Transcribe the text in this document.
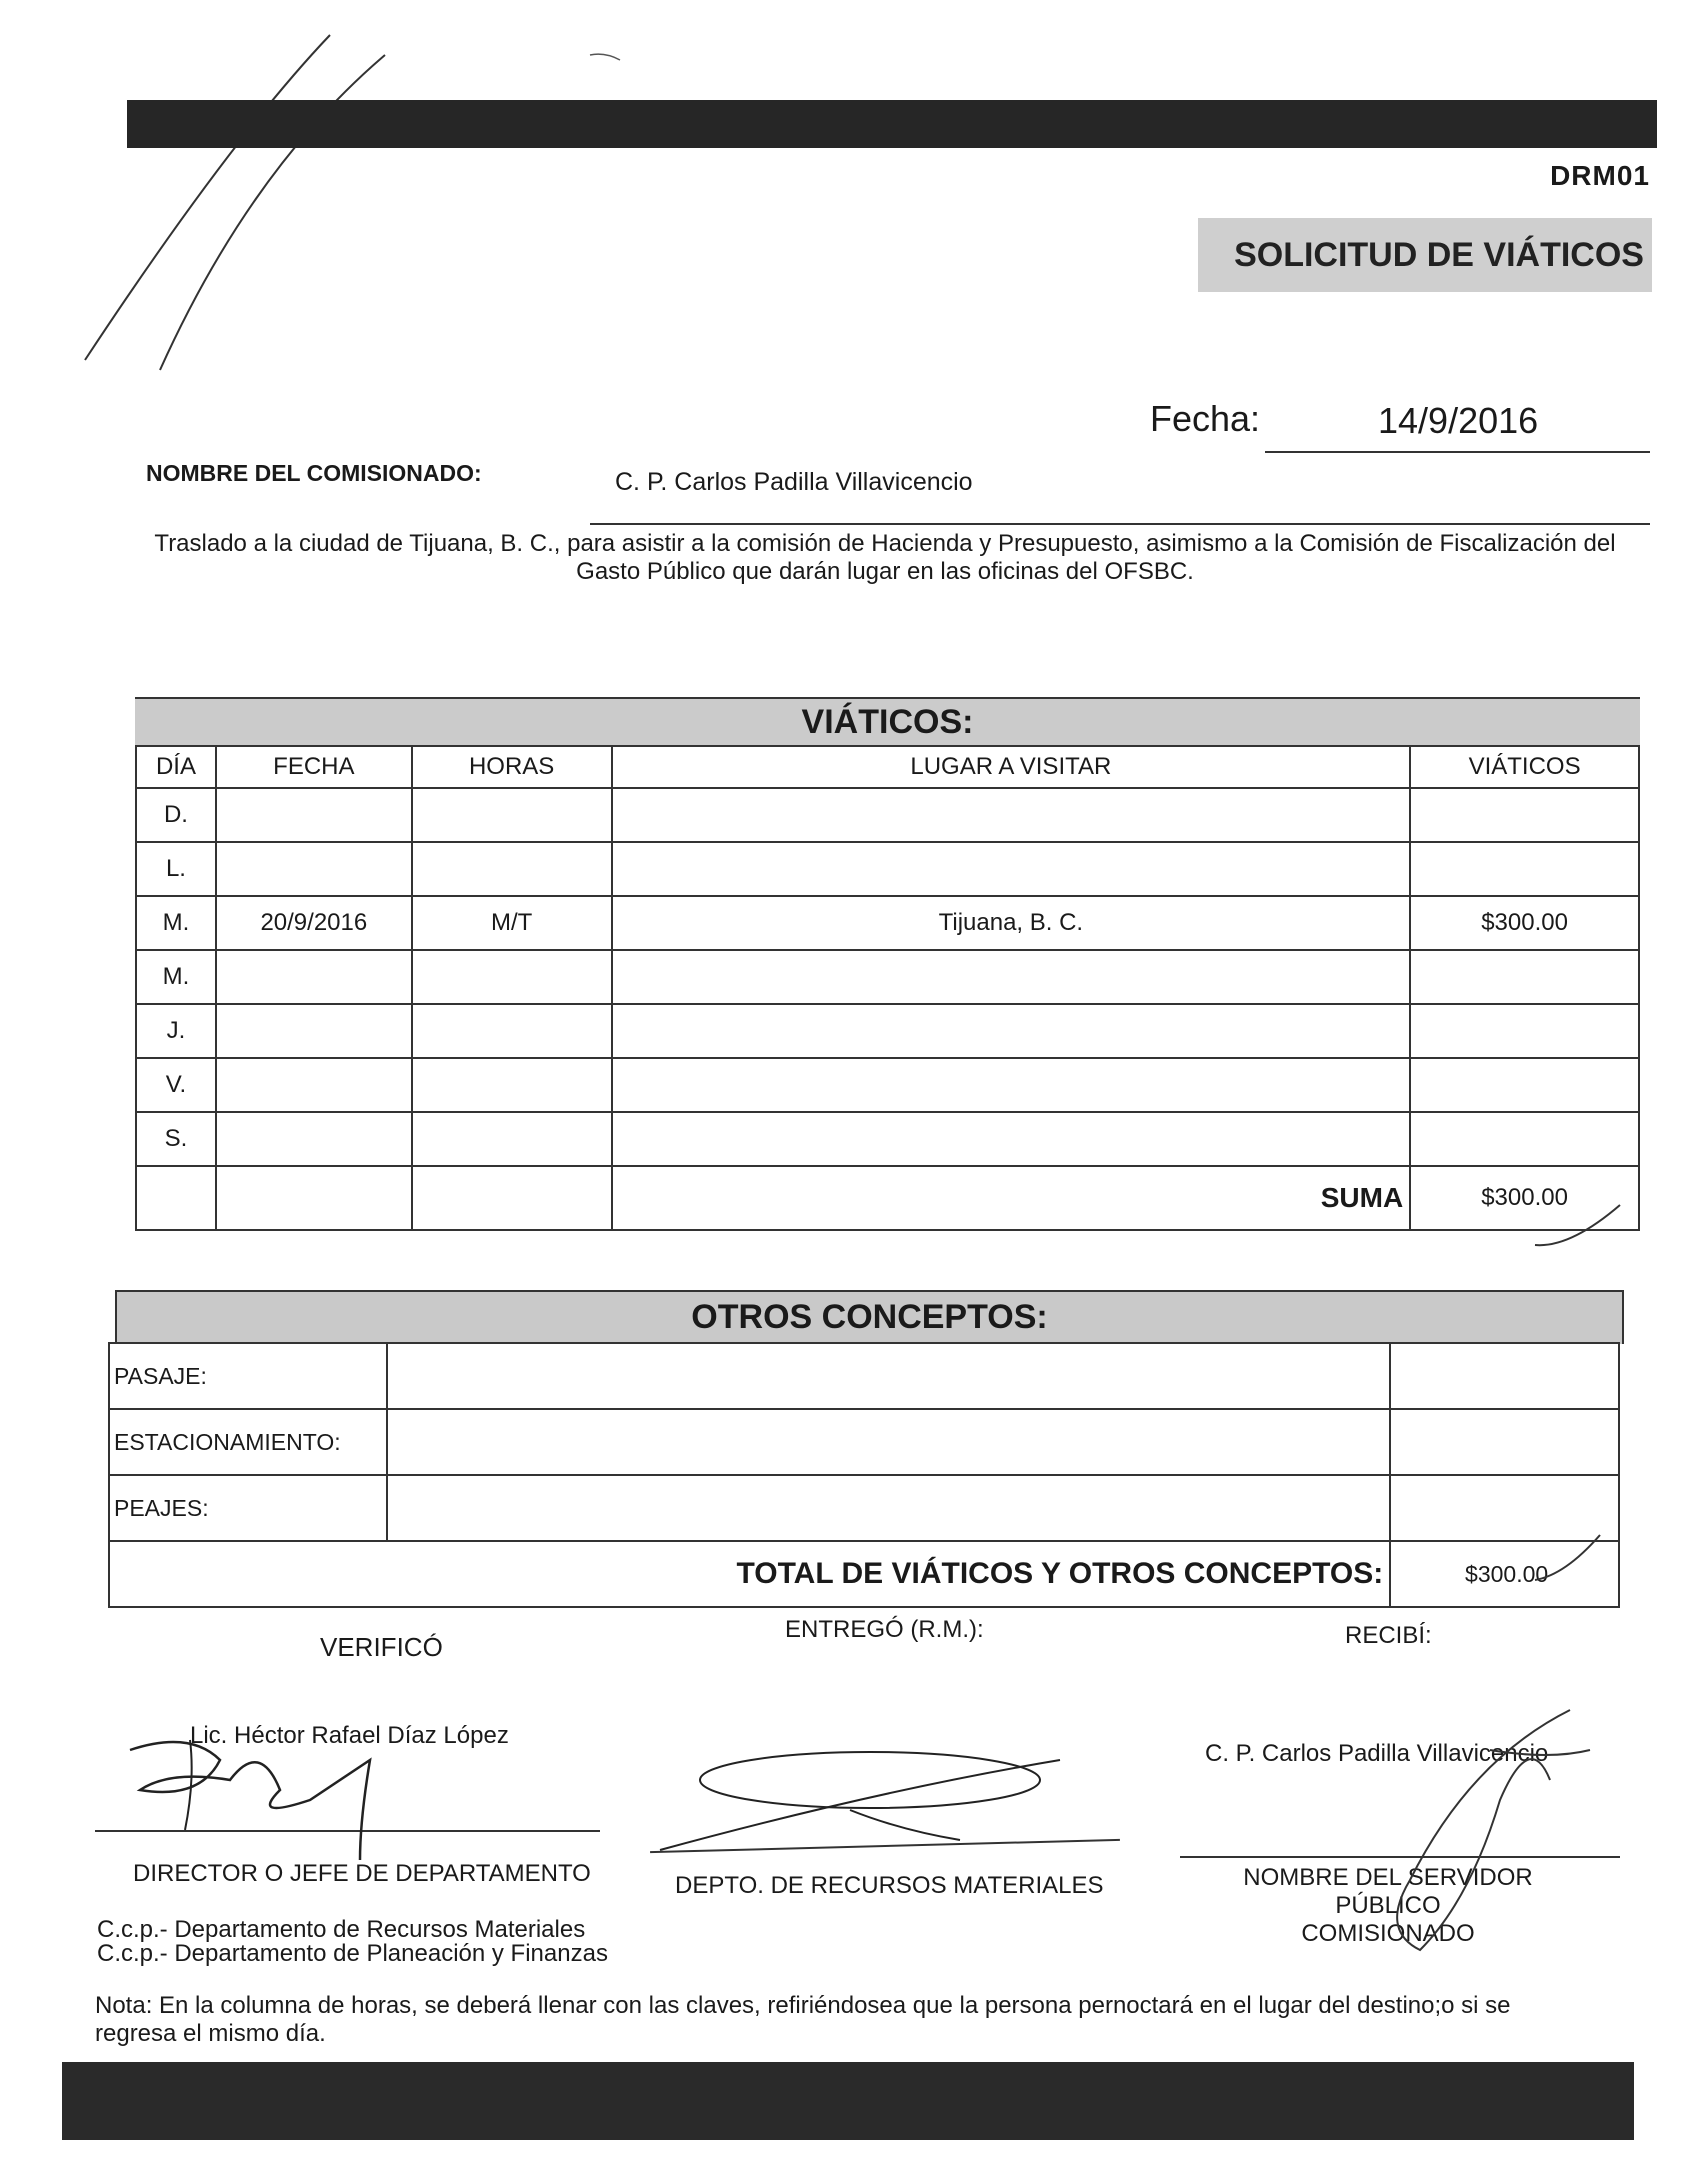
DRM01
SOLICITUD DE VIÁTICOS
Fecha:	14/9/2016
NOMBRE DEL COMISIONADO:	C. P. Carlos Padilla Villavicencio
Traslado a la ciudad de Tijuana, B. C., para asistir a la comisión de Hacienda y Presupuesto, asimismo a la Comisión de Fiscalización del
Gasto Público que darán lugar en las oficinas del OFSBC.
VIÁTICOS:
DÍA	FECHA	HORAS	LUGAR A VISITAR	VIÁTICOS
D.				
L.				
M.	20/9/2016	M/T	Tijuana, B. C.	$300.00
M.				
J.				
V.				
S.				
			SUMA	$300.00
OTROS CONCEPTOS:
PASAJE:		
ESTACIONAMIENTO:		
PEAJES:		
TOTAL DE VIÁTICOS Y OTROS CONCEPTOS:		$300.00
VERIFICÓ
ENTREGÓ (R.M.):	RECIBÍ:
Lic. Héctor Rafael Díaz López
C. P. Carlos Padilla Villavicencio
DIRECTOR O JEFE DE DEPARTAMENTO	DEPTO. DE RECURSOS MATERIALES	NOMBRE DEL SERVIDOR PÚBLICO
COMISIONADO
C.c.p.- Departamento de Recursos Materiales
C.c.p.- Departamento de Planeación y Finanzas
Nota: En la columna de horas, se deberá llenar con las claves, refiriéndosea que la persona pernoctará en el lugar del destino;o si se
regresa el mismo día.
